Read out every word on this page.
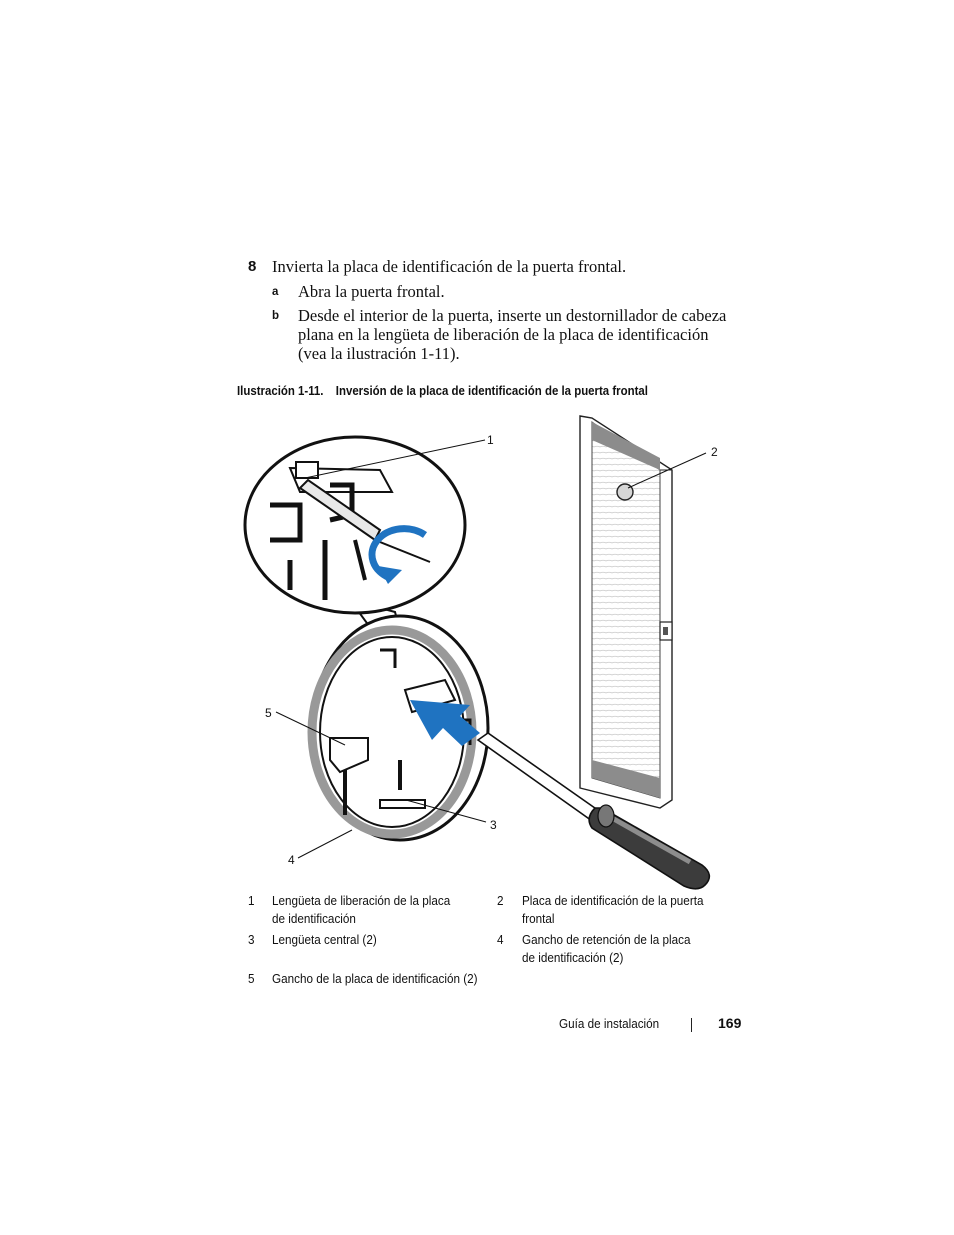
8 Invierta la placa de identificación de la puerta frontal.
a Abra la puerta frontal.
b Desde el interior de la puerta, inserte un destornillador de cabeza
plana en la lengüeta de liberación de la placa de identificación
(vea la ilustración 1-11).
Ilustración 1-11. Inversión de la placa de identificación de la puerta frontal
1
2
3
4
5
1 Lengüeta de liberación de la placa
de identificación
2 Placa de identificación de la puerta
frontal
3 Lengüeta central (2)	4 Gancho de retención de la placa
de identificación (2)
5 Gancho de la placa de identificación (2)
Guía de instalación	169
